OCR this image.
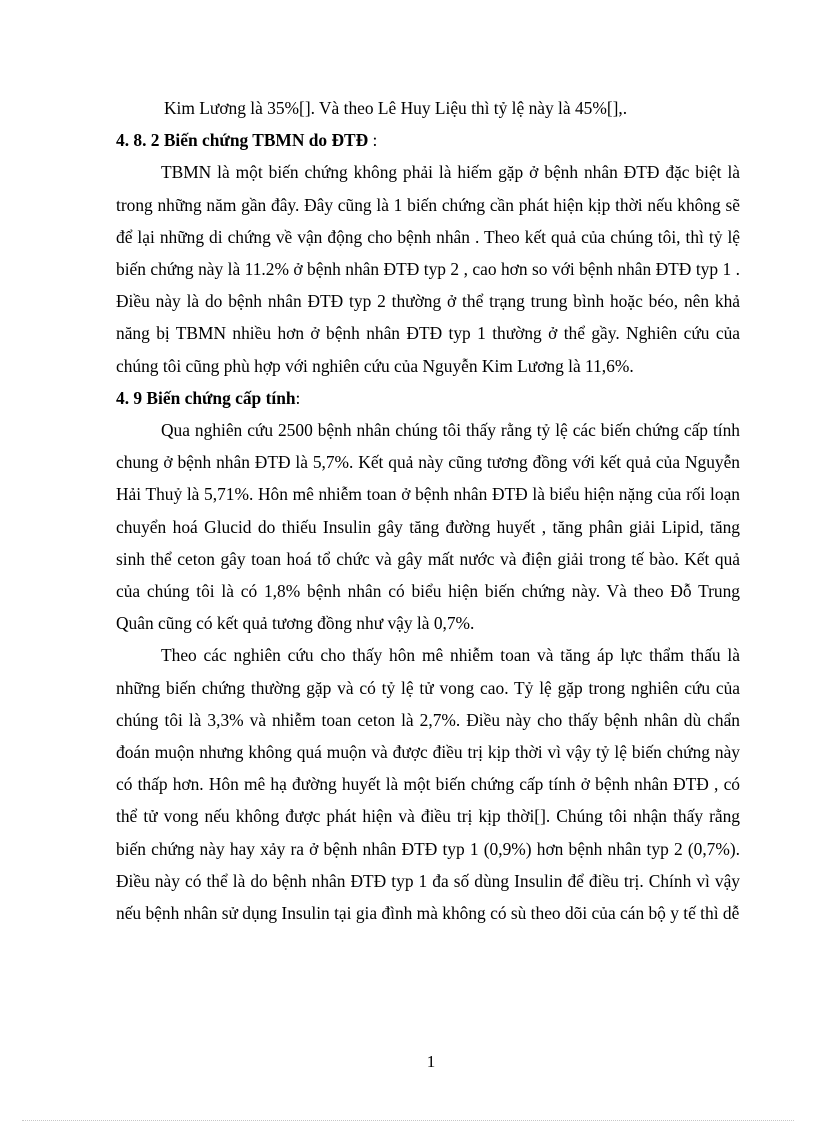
Kim Lương là 35%[]. Và theo Lê Huy Liệu thì tỷ lệ này là 45%[],.

4. 8. 2 Biến chứng TBMN do ĐTĐ :

TBMN là một biến chứng không phải là hiếm gặp ở bệnh nhân ĐTĐ đặc biệt là trong những năm gần đây. Đây cũng là 1 biến chứng cần phát hiện kịp thời nếu không sẽ để lại những di chứng về vận động cho bệnh nhân . Theo kết quả của chúng tôi, thì tỷ lệ biến chứng này là 11.2% ở bệnh nhân ĐTĐ typ 2 , cao hơn so với bệnh nhân ĐTĐ typ 1 . Điều này là do bệnh nhân ĐTĐ typ 2 thường ở thể trạng trung bình hoặc béo, nên khả năng bị TBMN nhiều hơn ở bệnh nhân ĐTĐ typ 1 thường ở thể gầy. Nghiên cứu của chúng tôi cũng phù hợp với nghiên cứu của Nguyễn Kim Lương là 11,6%.

4. 9 Biến chứng cấp tính:

Qua nghiên cứu 2500 bệnh nhân chúng tôi thấy rằng tỷ lệ các biến chứng cấp tính chung ở bệnh nhân ĐTĐ là 5,7%. Kết quả này cũng tương đồng với kết quả của Nguyễn Hải Thuỷ là 5,71%. Hôn mê nhiễm toan ở bệnh nhân ĐTĐ là biểu hiện nặng của rối loạn chuyển hoá Glucid do thiếu Insulin gây tăng đường huyết , tăng phân giải Lipid, tăng sinh thể ceton gây toan hoá tổ chức và gây mất nước và điện giải trong tế bào. Kết quả của chúng tôi là có 1,8% bệnh nhân có biểu hiện biến chứng này. Và theo Đỗ Trung Quân cũng có kết quả tương đồng như vậy là 0,7%.

Theo các nghiên cứu cho thấy hôn mê nhiễm toan và tăng áp lực thẩm thấu là những biến chứng thường gặp và có tỷ lệ tử vong cao. Tỷ lệ gặp trong nghiên cứu của chúng tôi là 3,3% và nhiễm toan ceton là 2,7%. Điều này cho thấy bệnh nhân dù chẩn đoán muộn nhưng không quá muộn và được điều trị kịp thời vì vậy tỷ lệ biến chứng này có thấp hơn. Hôn mê hạ đường huyết là một biến chứng cấp tính ở bệnh nhân ĐTĐ , có thể tử vong nếu không được phát hiện và điều trị kịp thời[]. Chúng tôi nhận thấy rằng biến chứng này hay xảy ra ở bệnh nhân ĐTĐ typ 1 (0,9%) hơn bệnh nhân typ 2 (0,7%). Điều này có thể là do bệnh nhân ĐTĐ typ 1 đa số dùng Insulin để điều trị. Chính vì vậy nếu bệnh nhân sử dụng Insulin tại gia đình mà không có sù theo dõi của cán bộ y tế thì dễ

1
